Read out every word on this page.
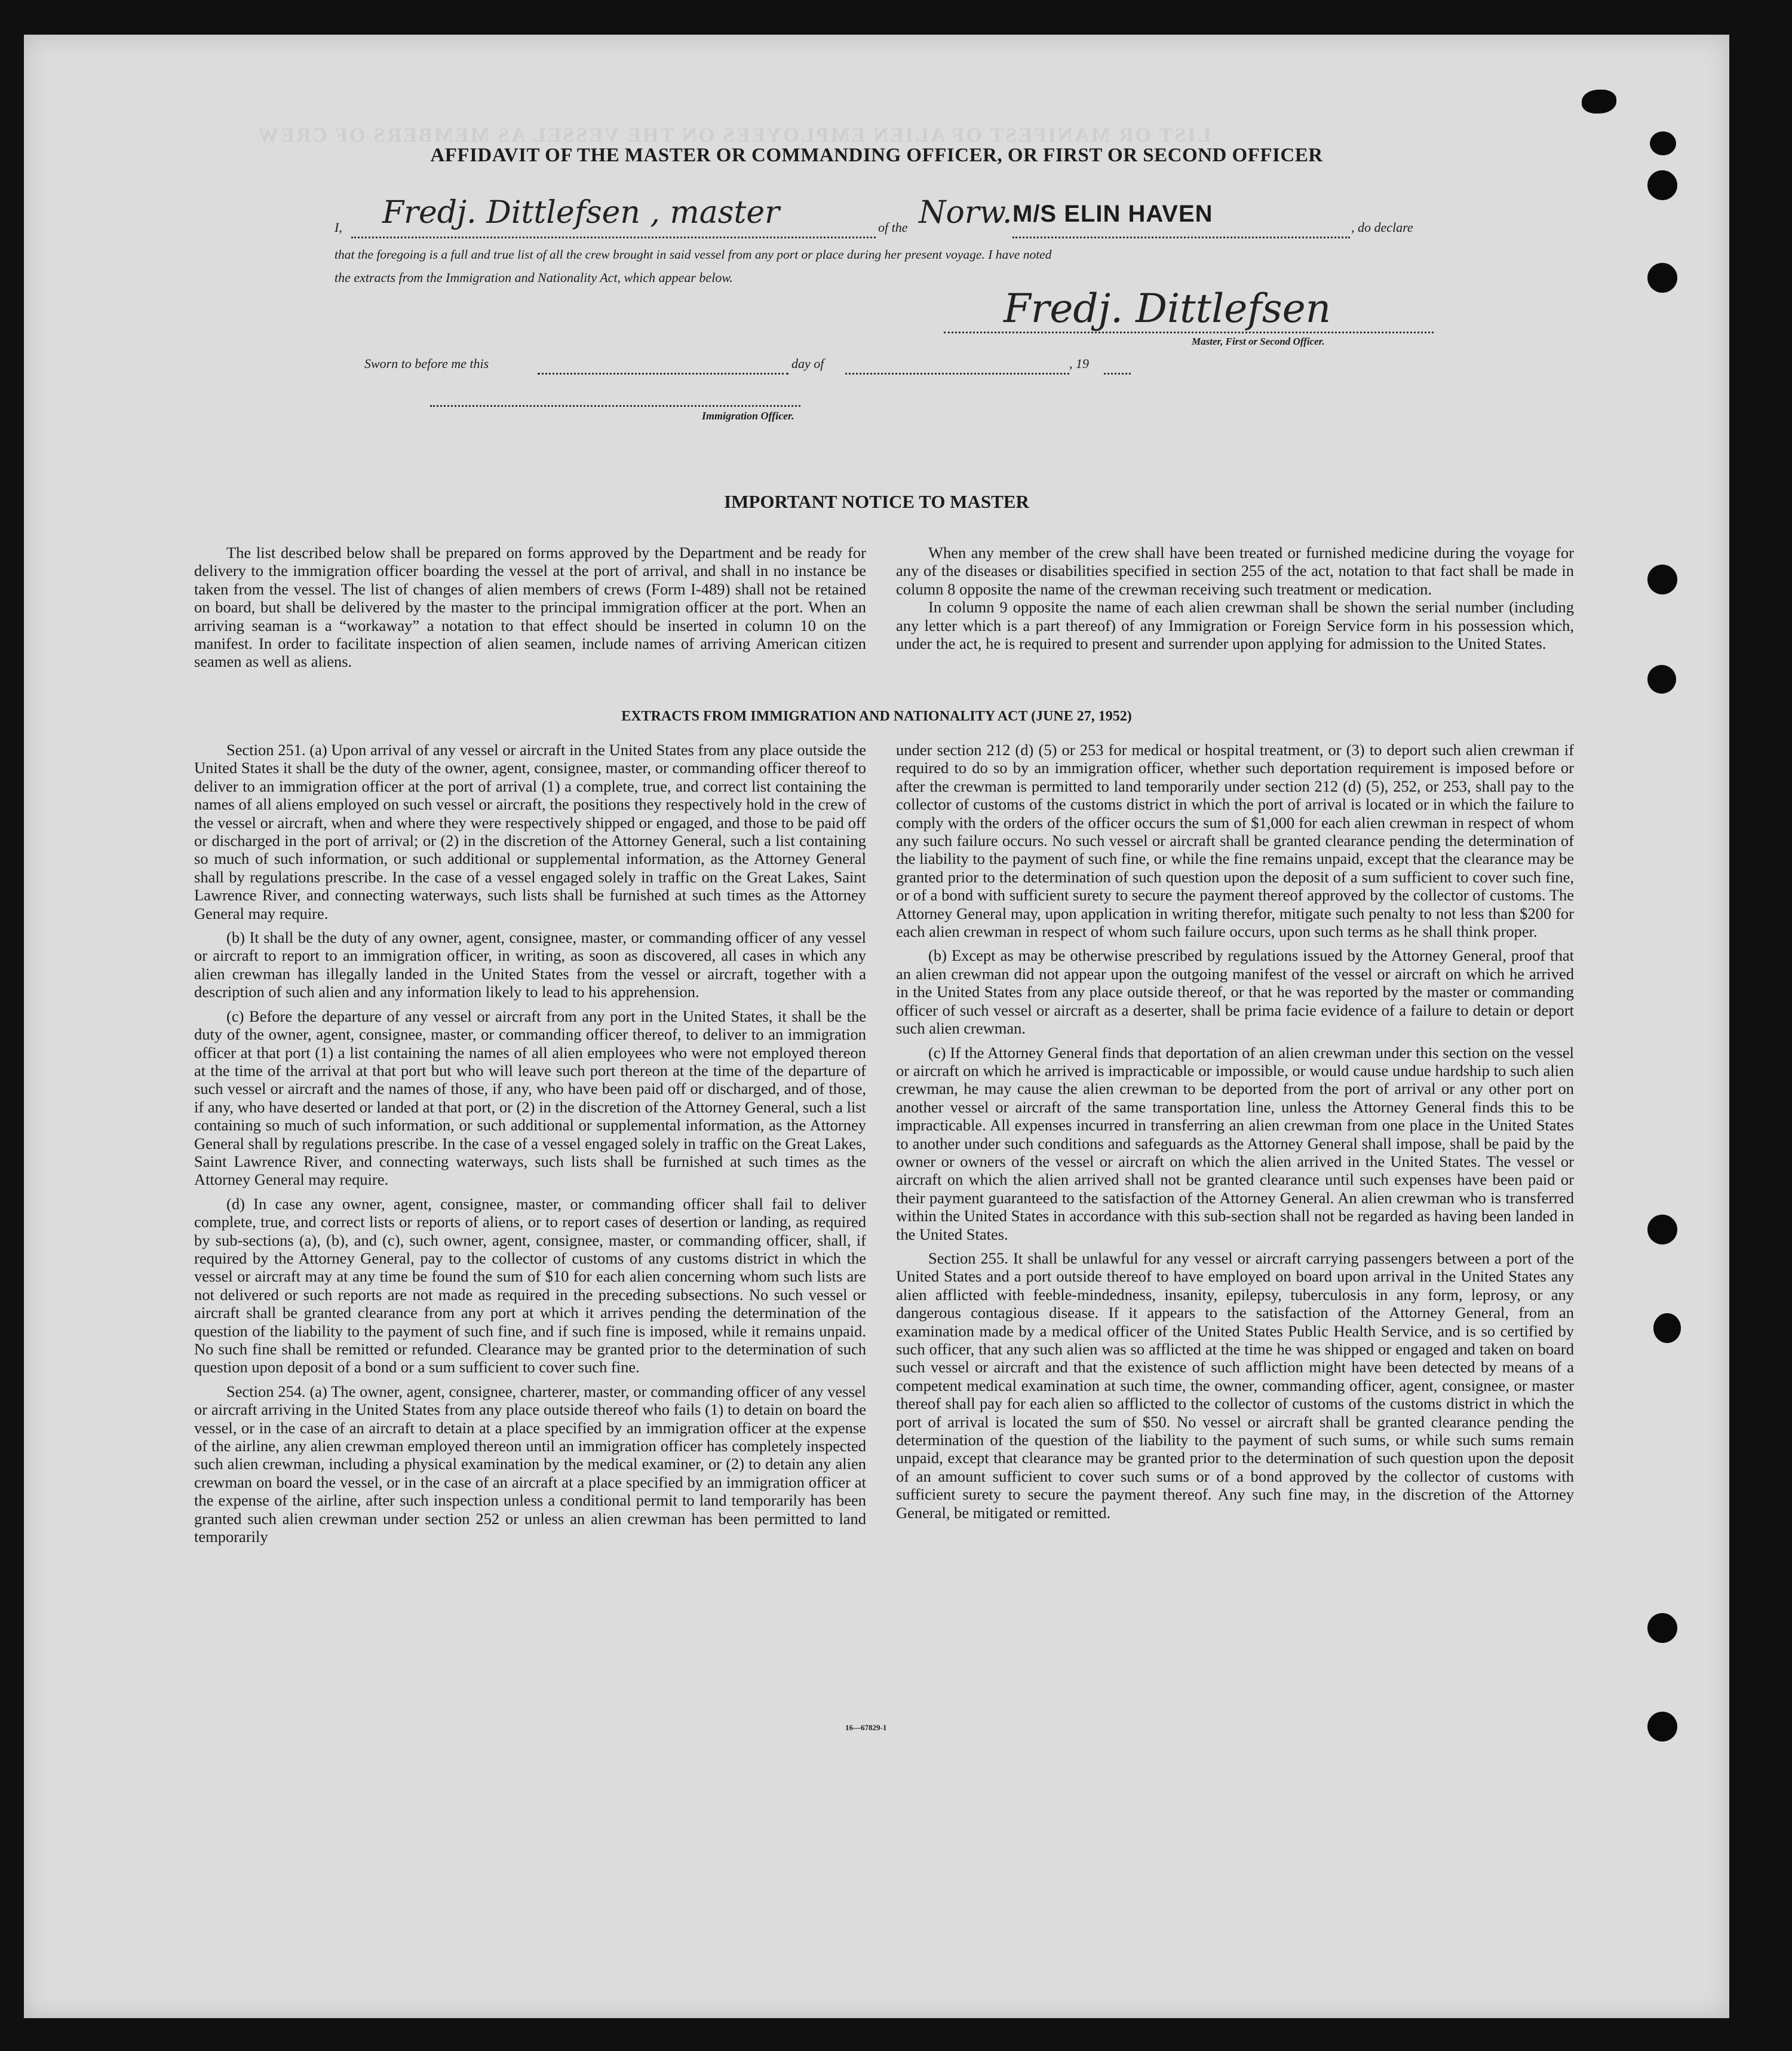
LIST OR MANIFEST OF ALIEN EMPLOYEES ON THE VESSEL AS MEMBERS OF CREW
AFFIDAVIT OF THE MASTER OR COMMANDING OFFICER, OR FIRST OR SECOND OFFICER
I, Fredj. Dittlefsen , master	of the Norw. M/S ELIN HAVEN
, do declare
that the foregoing is a full and true list of all the crew brought in said vessel from any port or place during her present voyage. I have noted
the extracts from the Immigration and Nationality Act, which appear below.
Fredj. Dittlefsen
Master, First or Second Officer.
Sworn to before me this	day of	, 19
Immigration Officer.
IMPORTANT NOTICE TO MASTER

The list described below shall be prepared on forms approved by the Department and be ready for delivery to the immigration officer boarding the vessel at the port of arrival, and shall in no instance be taken from the vessel. The list of changes of alien members of crews (Form I-489) shall not be retained on board, but shall be delivered by the master to the principal immigration officer at the port. When an arriving seaman is a “workaway” a notation to that effect should be inserted in column 10 on the manifest. In order to facilitate inspection of alien seamen, include names of arriving American citizen seamen as well as aliens.

When any member of the crew shall have been treated or furnished medicine during the voyage for any of the diseases or disabilities specified in section 255 of the act, notation to that fact shall be made in column 8 opposite the name of the crewman receiving such treatment or medication.

In column 9 opposite the name of each alien crewman shall be shown the serial number (including any letter which is a part thereof) of any Immigration or Foreign Service form in his possession which, under the act, he is required to present and surrender upon applying for admission to the United States.

EXTRACTS FROM IMMIGRATION AND NATIONALITY ACT (JUNE 27, 1952)

Section 251. (a) Upon arrival of any vessel or aircraft in the United States from any place outside the United States it shall be the duty of the owner, agent, consignee, master, or commanding officer thereof to deliver to an immigration officer at the port of arrival (1) a complete, true, and correct list containing the names of all aliens employed on such vessel or aircraft, the positions they respectively hold in the crew of the vessel or aircraft, when and where they were respectively shipped or engaged, and those to be paid off or discharged in the port of arrival; or (2) in the discretion of the Attorney General, such a list containing so much of such information, or such additional or supplemental information, as the Attorney General shall by regulations prescribe. In the case of a vessel engaged solely in traffic on the Great Lakes, Saint Lawrence River, and connecting waterways, such lists shall be furnished at such times as the Attorney General may require.

(b) It shall be the duty of any owner, agent, consignee, master, or commanding officer of any vessel or aircraft to report to an immigration officer, in writing, as soon as discovered, all cases in which any alien crewman has illegally landed in the United States from the vessel or aircraft, together with a description of such alien and any information likely to lead to his apprehension.

(c) Before the departure of any vessel or aircraft from any port in the United States, it shall be the duty of the owner, agent, consignee, master, or commanding officer thereof, to deliver to an immigration officer at that port (1) a list containing the names of all alien employees who were not employed thereon at the time of the arrival at that port but who will leave such port thereon at the time of the departure of such vessel or aircraft and the names of those, if any, who have been paid off or discharged, and of those, if any, who have deserted or landed at that port, or (2) in the discretion of the Attorney General, such a list containing so much of such information, or such additional or supplemental information, as the Attorney General shall by regulations prescribe. In the case of a vessel engaged solely in traffic on the Great Lakes, Saint Lawrence River, and connecting waterways, such lists shall be furnished at such times as the Attorney General may require.

(d) In case any owner, agent, consignee, master, or commanding officer shall fail to deliver complete, true, and correct lists or reports of aliens, or to report cases of desertion or landing, as required by sub-sections (a), (b), and (c), such owner, agent, consignee, master, or commanding officer, shall, if required by the Attorney General, pay to the collector of customs of any customs district in which the vessel or aircraft may at any time be found the sum of $10 for each alien concerning whom such lists are not delivered or such reports are not made as required in the preceding subsections. No such vessel or aircraft shall be granted clearance from any port at which it arrives pending the determination of the question of the liability to the payment of such fine, and if such fine is imposed, while it remains unpaid. No such fine shall be remitted or refunded. Clearance may be granted prior to the determination of such question upon deposit of a bond or a sum sufficient to cover such fine.

Section 254. (a) The owner, agent, consignee, charterer, master, or commanding officer of any vessel or aircraft arriving in the United States from any place outside thereof who fails (1) to detain on board the vessel, or in the case of an aircraft to detain at a place specified by an immigration officer at the expense of the airline, any alien crewman employed thereon until an immigration officer has completely inspected such alien crewman, including a physical examination by the medical examiner, or (2) to detain any alien crewman on board the vessel, or in the case of an aircraft at a place specified by an immigration officer at the expense of the airline, after such inspection unless a conditional permit to land temporarily has been granted such alien crewman under section 252 or unless an alien crewman has been permitted to land temporarily

under section 212 (d) (5) or 253 for medical or hospital treatment, or (3) to deport such alien crewman if required to do so by an immigration officer, whether such deportation requirement is imposed before or after the crewman is permitted to land temporarily under section 212 (d) (5), 252, or 253, shall pay to the collector of customs of the customs district in which the port of arrival is located or in which the failure to comply with the orders of the officer occurs the sum of $1,000 for each alien crewman in respect of whom any such failure occurs. No such vessel or aircraft shall be granted clearance pending the determination of the liability to the payment of such fine, or while the fine remains unpaid, except that the clearance may be granted prior to the determination of such question upon the deposit of a sum sufficient to cover such fine, or of a bond with sufficient surety to secure the payment thereof approved by the collector of customs. The Attorney General may, upon application in writing therefor, mitigate such penalty to not less than $200 for each alien crewman in respect of whom such failure occurs, upon such terms as he shall think proper.

(b) Except as may be otherwise prescribed by regulations issued by the Attorney General, proof that an alien crewman did not appear upon the outgoing manifest of the vessel or aircraft on which he arrived in the United States from any place outside thereof, or that he was reported by the master or commanding officer of such vessel or aircraft as a deserter, shall be prima facie evidence of a failure to detain or deport such alien crewman.

(c) If the Attorney General finds that deportation of an alien crewman under this section on the vessel or aircraft on which he arrived is impracticable or impossible, or would cause undue hardship to such alien crewman, he may cause the alien crewman to be deported from the port of arrival or any other port on another vessel or aircraft of the same transportation line, unless the Attorney General finds this to be impracticable. All expenses incurred in transferring an alien crewman from one place in the United States to another under such conditions and safeguards as the Attorney General shall impose, shall be paid by the owner or owners of the vessel or aircraft on which the alien arrived in the United States. The vessel or aircraft on which the alien arrived shall not be granted clearance until such expenses have been paid or their payment guaranteed to the satisfaction of the Attorney General. An alien crewman who is transferred within the United States in accordance with this sub-section shall not be regarded as having been landed in the United States.

Section 255. It shall be unlawful for any vessel or aircraft carrying passengers between a port of the United States and a port outside thereof to have employed on board upon arrival in the United States any alien afflicted with feeble-mindedness, insanity, epilepsy, tuberculosis in any form, leprosy, or any dangerous contagious disease. If it appears to the satisfaction of the Attorney General, from an examination made by a medical officer of the United States Public Health Service, and is so certified by such officer, that any such alien was so afflicted at the time he was shipped or engaged and taken on board such vessel or aircraft and that the existence of such affliction might have been detected by means of a competent medical examination at such time, the owner, commanding officer, agent, consignee, or master thereof shall pay for each alien so afflicted to the collector of customs of the customs district in which the port of arrival is located the sum of $50. No vessel or aircraft shall be granted clearance pending the determination of the question of the liability to the payment of such sums, or while such sums remain unpaid, except that clearance may be granted prior to the determination of such question upon the deposit of an amount sufficient to cover such sums or of a bond approved by the collector of customs with sufficient surety to secure the payment thereof. Any such fine may, in the discretion of the Attorney General, be mitigated or remitted.

16—67829-1
